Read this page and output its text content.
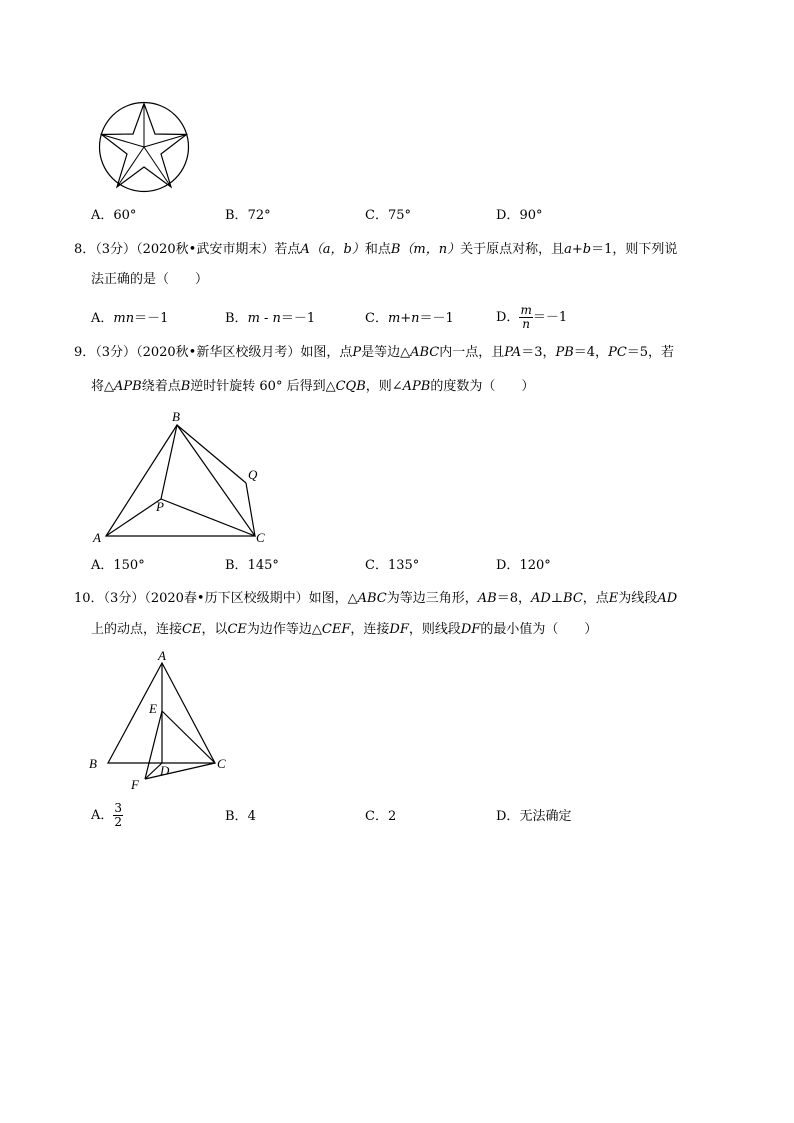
A．60°	B．72°	C．75°	D．90°
8．（3分）（2020秋•武安市期末）若点A（a，b）和点B（m，n）关于原点对称，且a+b＝1，则下列说
法正确的是（　　）
A．mn＝－1	B．m - n＝－1	C．m+n＝－1	D． $\frac{m}{n} =-1$
9．（3分）（2020秋•新华区校级月考）如图，点P是等边△ABC内一点，且PA＝3，PB＝4，PC＝5，若
将△APB绕着点B逆时针旋转 60° 后得到△CQB，则∠APB的度数为（　　）
B
Q
P
A	C
A．150°	B．145°	C．135°	D．120°
10．（3分）（2020春•历下区校级期中）如图，△ABC为等边三角形，AB＝8，AD⊥BC，点E为线段AD
上的动点，连接CE，以CE为边作等边△CEF，连接DF，则线段DF的最小值为（　　）
A
E
B	D	C
F
A． $\frac{3}{2}$	B．4	C．2	D．无法确定
